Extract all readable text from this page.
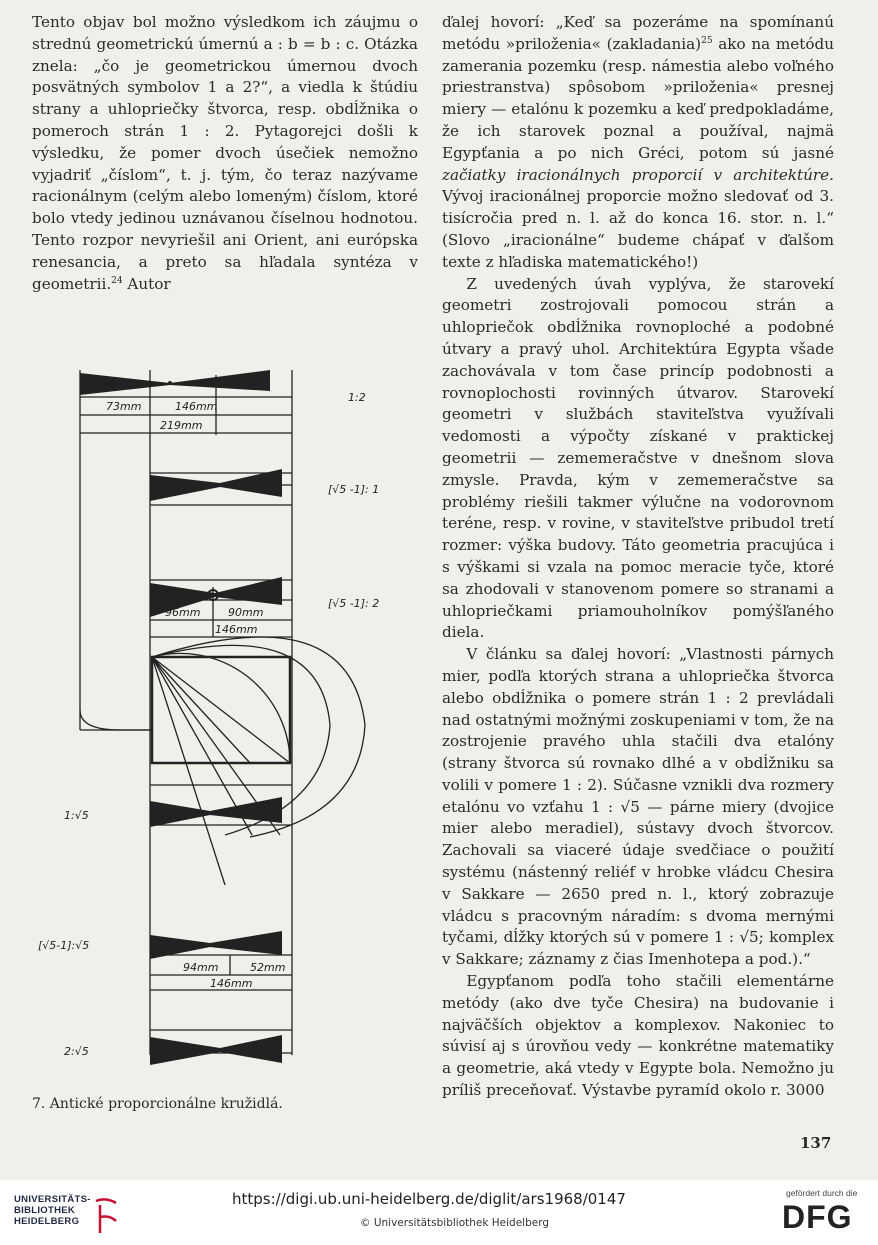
Tento objav bol možno výsledkom ich záujmu o strednú geometrickú úmernú a : b = b : c. Otázka znela: „čo je geometrickou úmernou dvoch posvätných symbolov 1 a 2?“, a viedla k štúdiu strany a uhlopriečky štvorca, resp. obdĺžnika o pomeroch strán 1 : 2. Pytagorejci došli k výsledku, že pomer dvoch úsečiek nemožno vyjadriť „číslom“, t. j. tým, čo teraz nazývame racionálnym (celým alebo lomeným) číslom, ktoré bolo vtedy jedinou uznávanou číselnou hodnotou. Tento rozpor nevyriešil ani Orient, ani európska renesancia, a preto sa hľadala syntéza v geometrii.$^{24}$ Autor

ďalej hovorí: „Keď sa pozeráme na spomínanú metódu »priloženia« (zakladania)$^{25}$ ako na metódu zamerania pozemku (resp. námestia alebo voľného priestranstva) spôsobom »priloženia« presnej miery — etalónu k pozemku a keď predpokladáme, že ich starovek poznal a používal, najmä Egypťania a po nich Gréci, potom sú jasné začiatky iracionálnych proporcií v architektúre. Vývoj iracionálnej proporcie možno sledovať od 3. tisícročia pred n. l. až do konca 16. stor. n. l.“ (Slovo „iracionálne“ budeme chápať v ďalšom texte z hľadiska matematického!)

Z uvedených úvah vyplýva, že starovekí geometri zostrojovali pomocou strán a uhlopriečok obdĺžnika rovnoploché a podobné útvary a pravý uhol. Architektúra Egypta všade zachovávala v tom čase princíp podobnosti a rovnoplochosti rovinných útvarov. Starovekí geometri v službách staviteľstva využívali vedomosti a výpočty získané v praktickej geometrii — zememeračstve v dnešnom slova zmysle. Pravda, kým v zememeračstve sa problémy riešili takmer výlučne na vodorovnom teréne, resp. v rovine, v staviteľstve pribudol tretí rozmer: výška budovy. Táto geometria pracujúca i s výškami si vzala na pomoc meracie tyče, ktoré sa zhodovali v stanovenom pomere so stranami a uhlopriečkami priamouholníkov pomýšľaného diela.

V článku sa ďalej hovorí: „Vlastnosti párnych mier, podľa ktorých strana a uhlopriečka štvorca alebo obdĺžnika o pomere strán 1 : 2 prevládali nad ostatnými možnými zoskupeniami v tom, že na zostrojenie pravého uhla stačili dva etalóny (strany štvorca sú rovnako dlhé a v obdĺžniku sa volili v pomere 1 : 2). Súčasne vznikli dva rozmery etalónu vo vzťahu 1 : √5 — párne miery (dvojice mier alebo meradiel), sústavy dvoch štvorcov. Zachovali sa viaceré údaje svedčiace o použití systému (nástenný reliéf v hrobke vládcu Chesira v Sakkare — 2650 pred n. l., ktorý zobrazuje vládcu s pracovným náradím: s dvoma mernými tyčami, dĺžky ktorých sú v pomere 1 : √5; komplex v Sakkare; záznamy z čias Imenhotepa a pod.).“

Egypťanom podľa toho stačili elementárne metódy (ako dve tyče Chesira) na budovanie i najväčších objektov a komplexov. Nakoniec to súvisí aj s úrovňou vedy — konkrétne matematiky a geometrie, aká vtedy v Egypte bola. Nemožno ju príliš preceňovať. Výstavbe pyramíd okolo r. 3000

1:2
[√5 -1]: 1
[√5 -1]: 2
1:√5
[√5-1]:√5
2:√5
73mm	146mm
219mm
96mm	90mm
146mm
94mm	52mm
146mm
7. Antické proporcionálne kružidlá.
137
UNIVERSITÄTS-
BIBLIOTHEK
HEIDELBERG
https://digi.ub.uni-heidelberg.de/diglit/ars1968/0147
© Universitätsbibliothek Heidelberg
gefördert durch die
DFG
